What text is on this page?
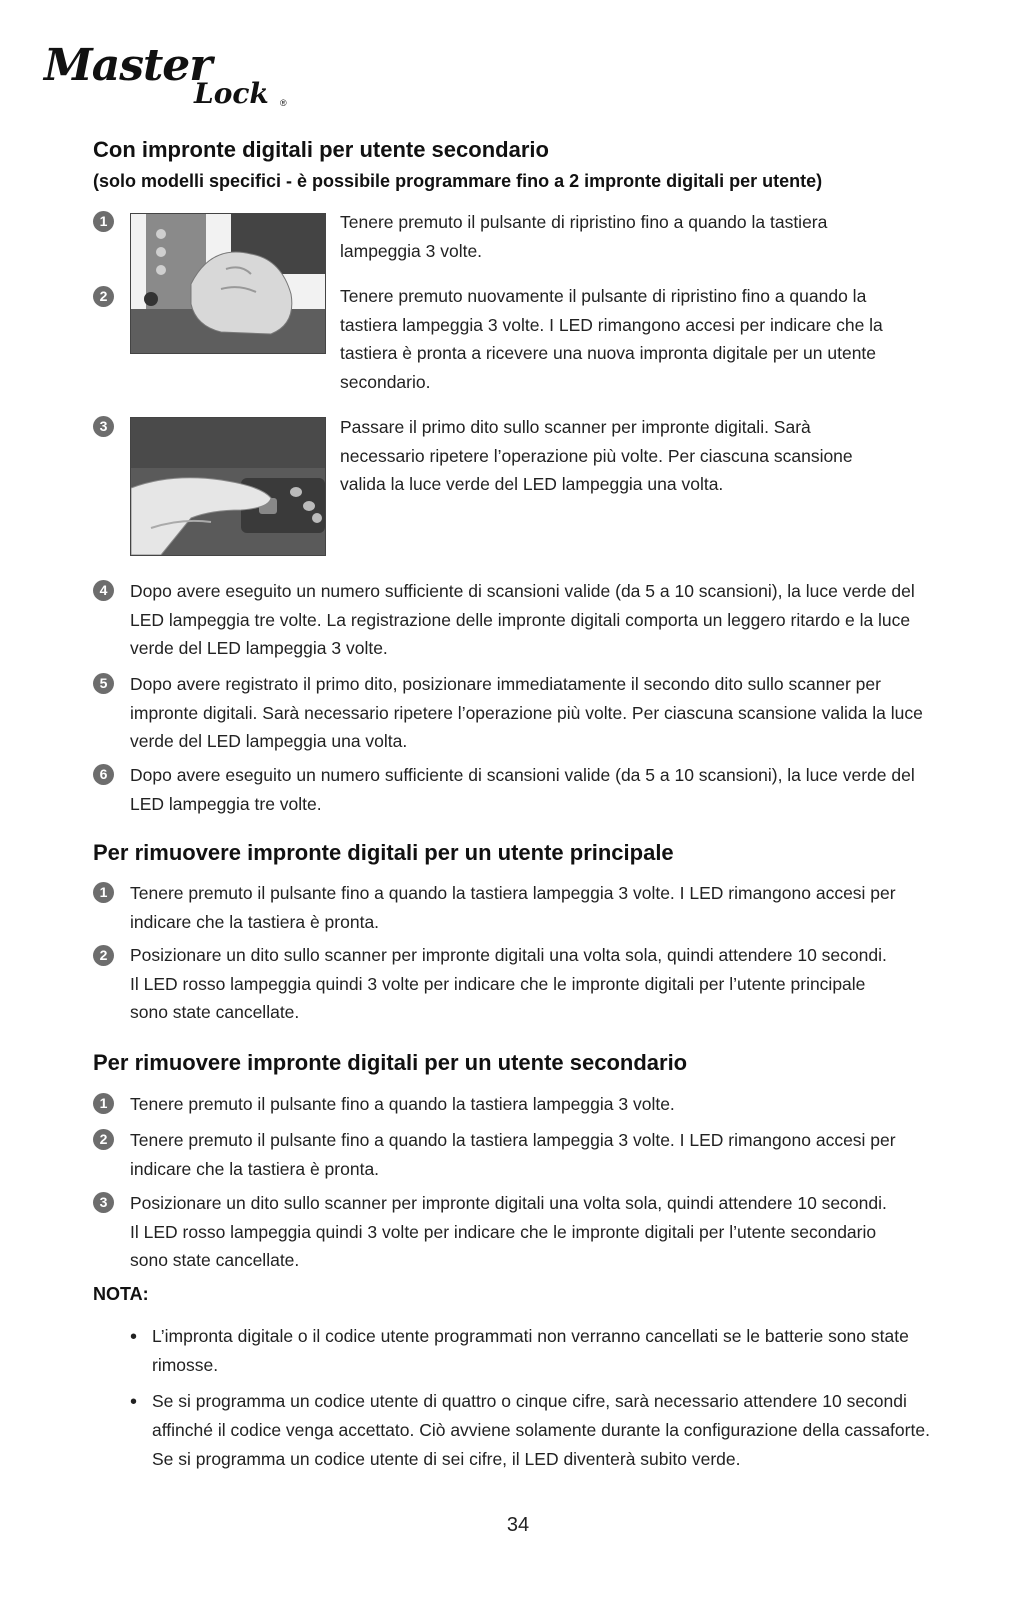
Master
Lock ®
Con impronte digitali per utente secondario
(solo modelli specifici - è possibile programmare fino a 2 impronte digitali per utente)
1	Tenere premuto il pulsante di ripristino fino a quando la tastiera lampeggia 3 volte.
2	Tenere premuto nuovamente il pulsante di ripristino fino a quando la tastiera lampeggia 3 volte. I LED rimangono accesi per indicare che la tastiera è pronta a ricevere una nuova impronta digitale per un utente secondario.
3	Passare il primo dito sullo scanner per impronte digitali. Sarà necessario ripetere l’operazione più volte. Per ciascuna scansione valida la luce verde del LED lampeggia una volta.
4	Dopo avere eseguito un numero sufficiente di scansioni valide (da 5 a 10 scansioni), la luce verde del LED lampeggia tre volte. La registrazione delle impronte digitali comporta un leggero ritardo e la luce verde del LED lampeggia 3 volte.
5	Dopo avere registrato il primo dito, posizionare immediatamente il secondo dito sullo scanner per impronte digitali. Sarà necessario ripetere l’operazione più volte. Per ciascuna scansione valida la luce verde del LED lampeggia una volta.
6	Dopo avere eseguito un numero sufficiente di scansioni valide (da 5 a 10 scansioni), la luce verde del LED lampeggia tre volte.
Per rimuovere impronte digitali per un utente principale
1	Tenere premuto il pulsante fino a quando la tastiera lampeggia 3 volte. I LED rimangono accesi per indicare che la tastiera è pronta.
2	Posizionare un dito sullo scanner per impronte digitali una volta sola, quindi attendere 10 secondi. Il LED rosso lampeggia quindi 3 volte per indicare che le impronte digitali per l’utente principale sono state cancellate.
Per rimuovere impronte digitali per un utente secondario
1	Tenere premuto il pulsante fino a quando la tastiera lampeggia 3 volte.
2	Tenere premuto il pulsante fino a quando la tastiera lampeggia 3 volte. I LED rimangono accesi per indicare che la tastiera è pronta.
3	Posizionare un dito sullo scanner per impronte digitali una volta sola, quindi attendere 10 secondi. Il LED rosso lampeggia quindi 3 volte per indicare che le impronte digitali per l’utente secondario sono state cancellate.
NOTA:
• L’impronta digitale o il codice utente programmati non verranno cancellati se le batterie sono state rimosse.
• Se si programma un codice utente di quattro o cinque cifre, sarà necessario attendere 10 secondi affinché il codice venga accettato. Ciò avviene solamente durante la configurazione della cassaforte. Se si programma un codice utente di sei cifre, il LED diventerà subito verde.
34
